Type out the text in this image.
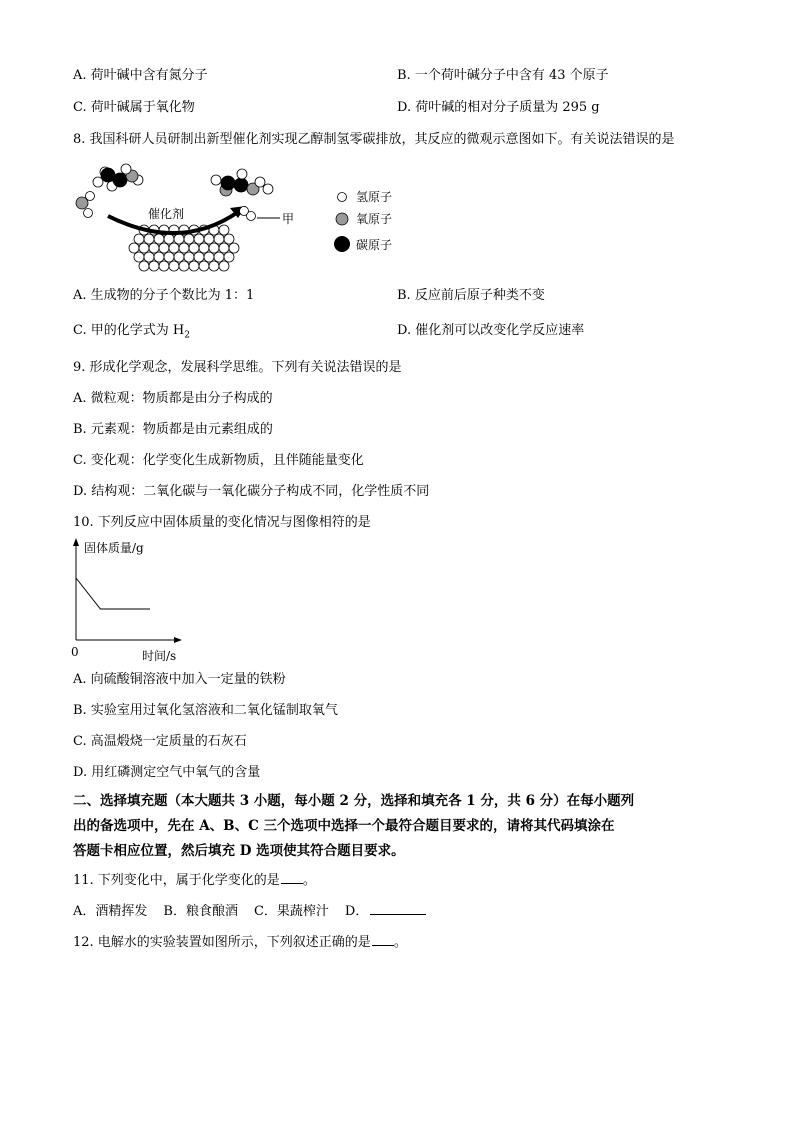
A. 荷叶碱中含有氮分子	B. 一个荷叶碱分子中含有 43 个原子
C. 荷叶碱属于氧化物	D. 荷叶碱的相对分子质量为 295 g
8. 我国科研人员研制出新型催化剂实现乙醇制氢零碳排放，其反应的微观示意图如下。有关说法错误的是
催化剂	甲
氢原子
氧原子
碳原子
A. 生成物的分子个数比为 1：1	B. 反应前后原子种类不变
C. 甲的化学式为 $H_2$	D. 催化剂可以改变化学反应速率
9. 形成化学观念，发展科学思维。下列有关说法错误的是
A. 微粒观：物质都是由分子构成的
B. 元素观：物质都是由元素组成的
C. 变化观：化学变化生成新物质，且伴随能量变化
D. 结构观：二氧化碳与一氧化碳分子构成不同，化学性质不同
10. 下列反应中固体质量的变化情况与图像相符的是
固体质量/g
时间/s
0
A. 向硫酸铜溶液中加入一定量的铁粉
B. 实验室用过氧化氢溶液和二氧化锰制取氧气
C. 高温煅烧一定质量的石灰石
D. 用红磷测定空气中氧气的含量
二、选择填充题（本大题共 3 小题，每小题 2 分，选择和填充各 1 分，共 6 分）在每小题列
出的备选项中，先在 A、B、C 三个选项中选择一个最符合题目要求的，请将其代码填涂在
答题卡相应位置，然后填充 D 选项使其符合题目要求。
11. 下列变化中，属于化学变化的是 。
A．酒精挥发 B．粮食酿酒 C．果蔬榨汁 D．
12. 电解水的实验装置如图所示，下列叙述正确的是 。
